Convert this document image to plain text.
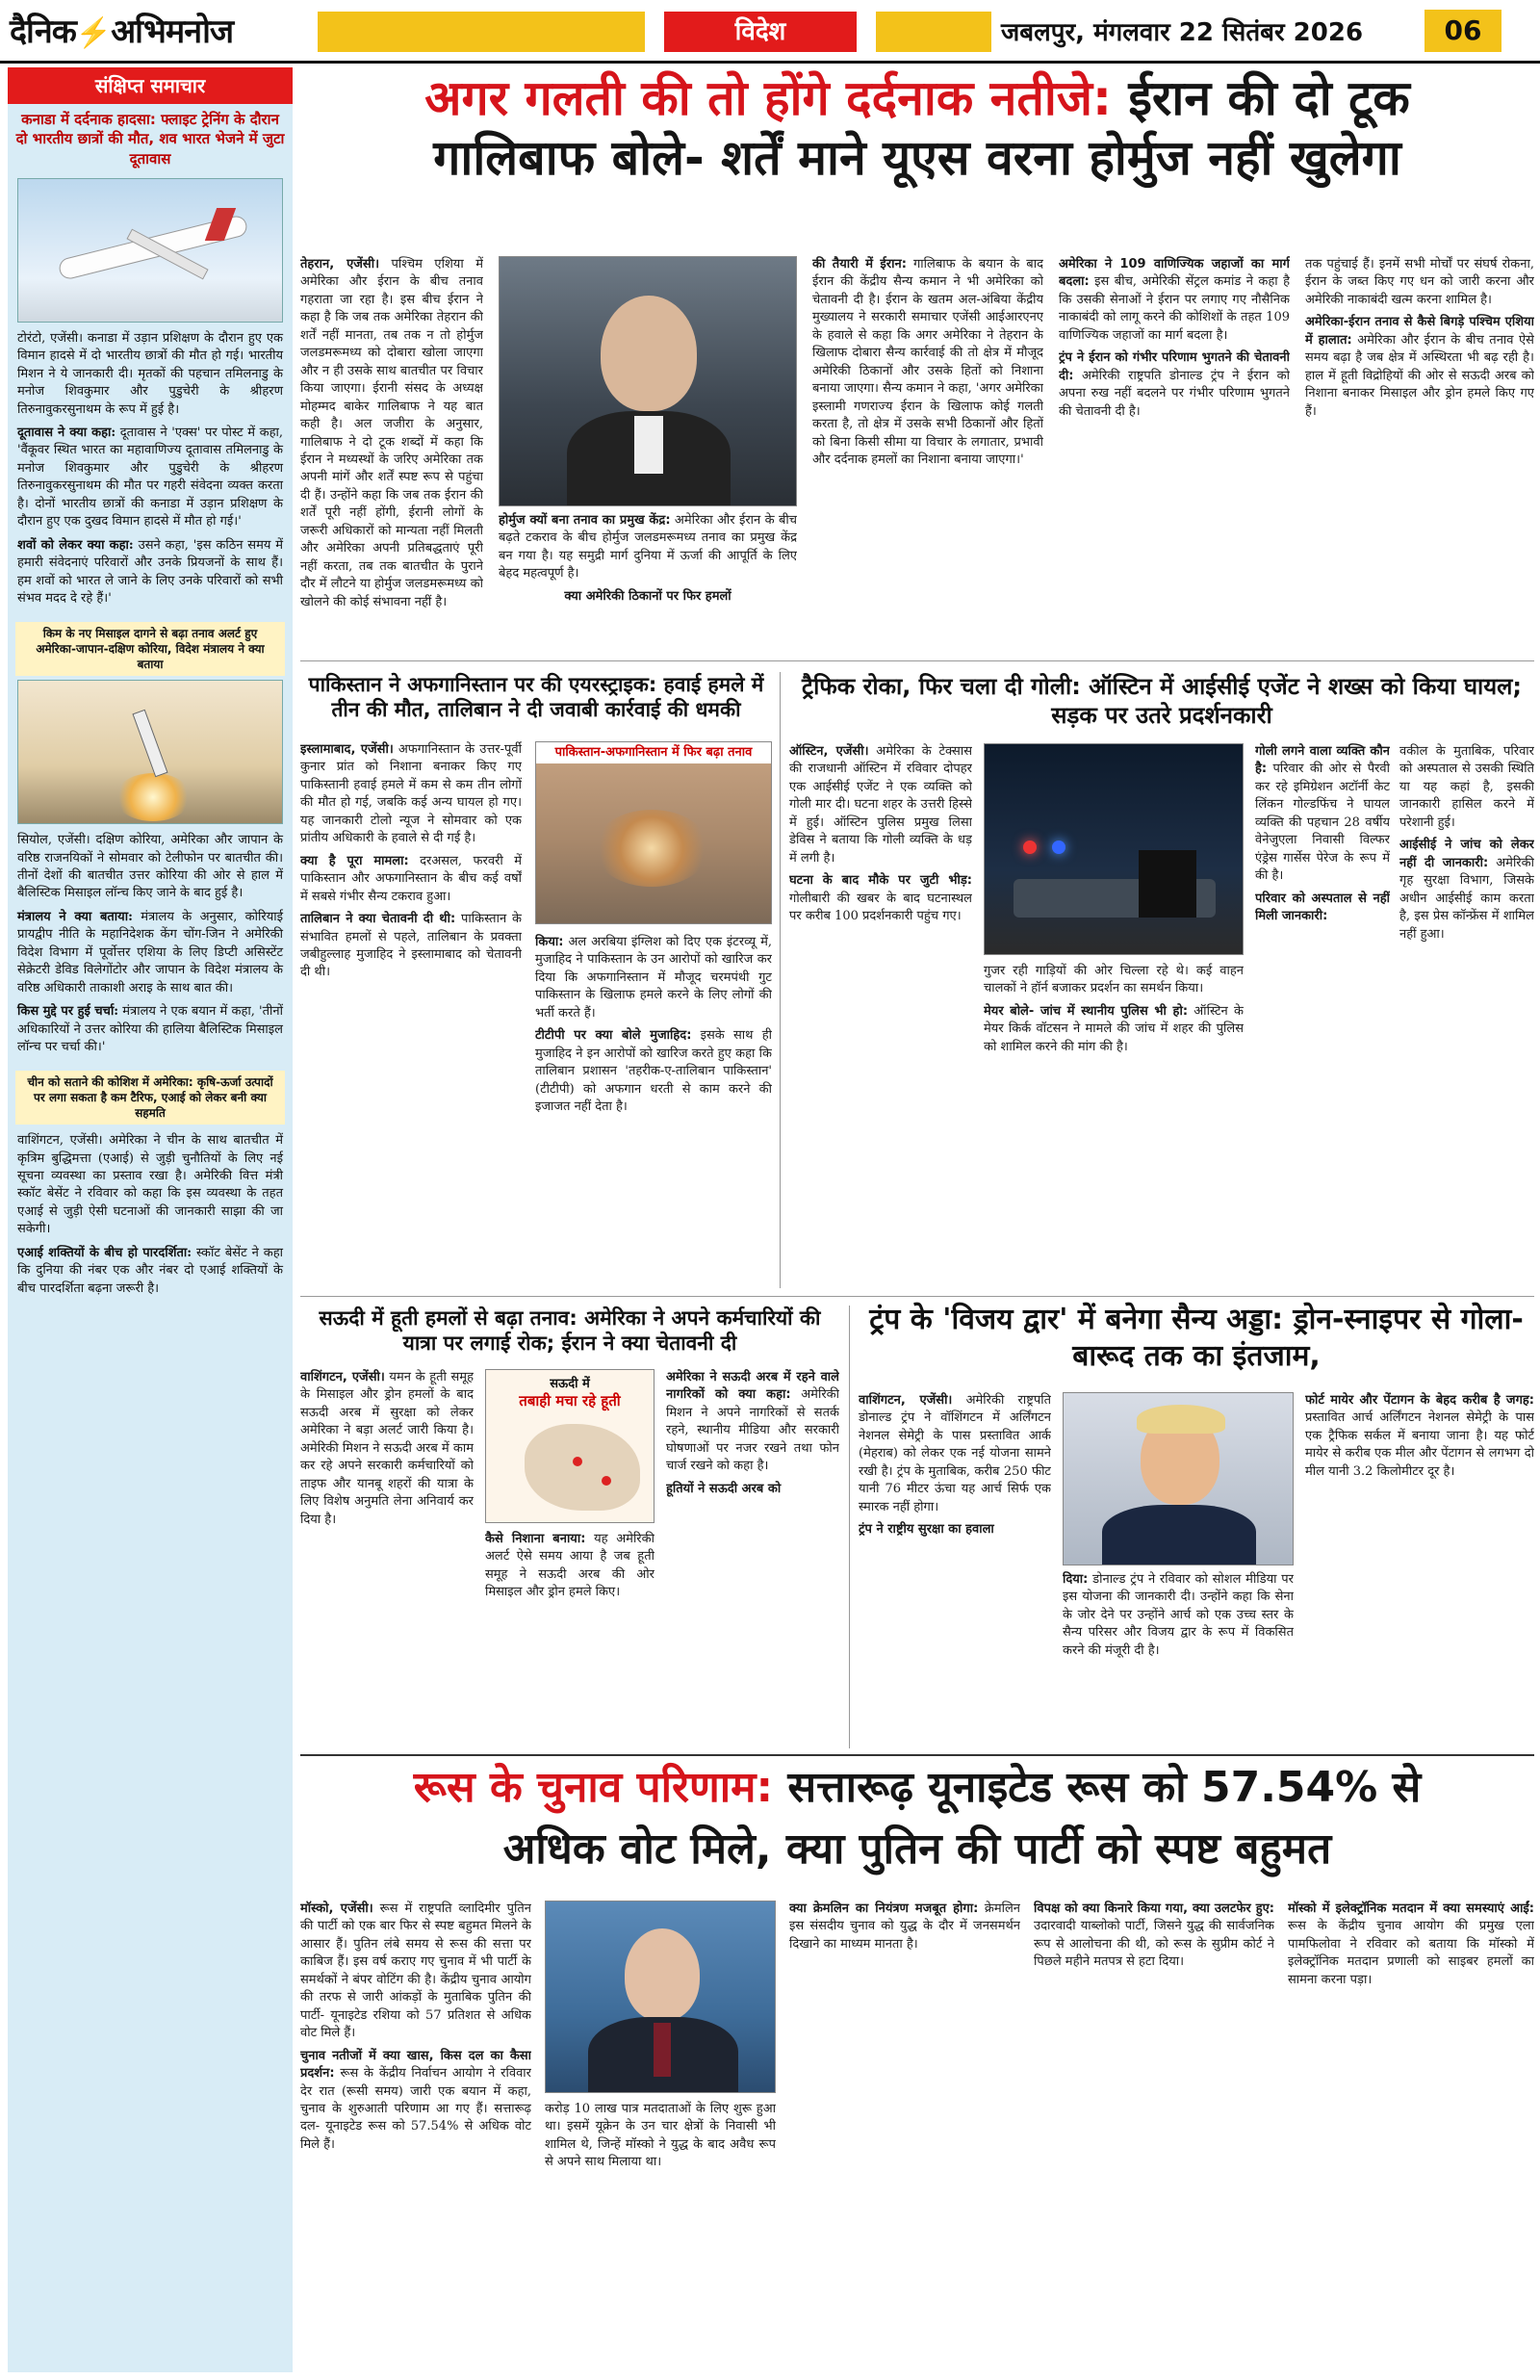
दैनिक⚡अभिमनोज	विदेश	जबलपुर, मंगलवार 22 सितंबर 2026	06
संक्षिप्त समाचार
कनाडा में दर्दनाक हादसा: फ्लाइट ट्रेनिंग के दौरान दो भारतीय छात्रों की मौत, शव भारत भेजने में जुटा दूतावास

टोरंटो, एजेंसी। कनाडा में उड़ान प्रशिक्षण के दौरान हुए एक विमान हादसे में दो भारतीय छात्रों की मौत हो गई। भारतीय मिशन ने ये जानकारी दी। मृतकों की पहचान तमिलनाडु के मनोज शिवकुमार और पुडुचेरी के श्रीहरण तिरुनावुकरसुनाथम के रूप में हुई है।

दूतावास ने क्या कहा: दूतावास ने 'एक्स' पर पोस्ट में कहा, 'वैंकूवर स्थित भारत का महावाणिज्य दूतावास तमिलनाडु के मनोज शिवकुमार और पुडुचेरी के श्रीहरण तिरुनावुकरसुनाथम की मौत पर गहरी संवेदना व्यक्त करता है। दोनों भारतीय छात्रों की कनाडा में उड़ान प्रशिक्षण के दौरान हुए एक दुखद विमान हादसे में मौत हो गई।'

शवों को लेकर क्या कहा: उसने कहा, 'इस कठिन समय में हमारी संवेदनाएं परिवारों और उनके प्रियजनों के साथ हैं। हम शवों को भारत ले जाने के लिए उनके परिवारों को सभी संभव मदद दे रहे हैं।'

किम के नए मिसाइल दागने से बढ़ा तनाव अलर्ट हुए अमेरिका-जापान-दक्षिण कोरिया, विदेश मंत्रालय ने क्या बताया

सियोल, एजेंसी। दक्षिण कोरिया, अमेरिका और जापान के वरिष्ठ राजनयिकों ने सोमवार को टेलीफोन पर बातचीत की। तीनों देशों की बातचीत उत्तर कोरिया की ओर से हाल में बैलिस्टिक मिसाइल लॉन्च किए जाने के बाद हुई है।

मंत्रालय ने क्या बताया: मंत्रालय के अनुसार, कोरियाई प्रायद्वीप नीति के महानिदेशक केंग चोंग-जिन ने अमेरिकी विदेश विभाग में पूर्वोत्तर एशिया के लिए डिप्टी असिस्टेंट सेक्रेटरी डेविड विलेगोंटोर और जापान के विदेश मंत्रालय के वरिष्ठ अधिकारी ताकाशी अराइ के साथ बात की।

किस मुद्दे पर हुई चर्चा: मंत्रालय ने एक बयान में कहा, 'तीनों अधिकारियों ने उत्तर कोरिया की हालिया बैलिस्टिक मिसाइल लॉन्च पर चर्चा की।'

चीन को सताने की कोशिश में अमेरिका: कृषि-ऊर्जा उत्पादों पर लगा सकता है कम टैरिफ, एआई को लेकर बनी क्या सहमति

वाशिंगटन, एजेंसी। अमेरिका ने चीन के साथ बातचीत में कृत्रिम बुद्धिमत्ता (एआई) से जुड़ी चुनौतियों के लिए नई सूचना व्यवस्था का प्रस्ताव रखा है। अमेरिकी वित्त मंत्री स्कॉट बेसेंट ने रविवार को कहा कि इस व्यवस्था के तहत एआई से जुड़ी ऐसी घटनाओं की जानकारी साझा की जा सकेगी।

एआई शक्तियों के बीच हो पारदर्शिता: स्कॉट बेसेंट ने कहा कि दुनिया की नंबर एक और नंबर दो एआई शक्तियों के बीच पारदर्शिता बढ़ना जरूरी है।

अगर गलती की तो होंगे दर्दनाक नतीजे: ईरान की दो टूक
गालिबाफ बोले- शर्तें माने यूएस वरना होर्मुज नहीं खुलेगा

तेहरान, एजेंसी। पश्चिम एशिया में अमेरिका और ईरान के बीच तनाव गहराता जा रहा है। इस बीच ईरान ने कहा है कि जब तक अमेरिका तेहरान की शर्तें नहीं मानता, तब तक न तो होर्मुज जलडमरूमध्य को दोबारा खोला जाएगा और न ही उसके साथ बातचीत पर विचार किया जाएगा। ईरानी संसद के अध्यक्ष मोहम्मद बाकेर गालिबाफ ने यह बात कही है। अल जजीरा के अनुसार, गालिबाफ ने दो टूक शब्दों में कहा कि ईरान ने मध्यस्थों के जरिए अमेरिका तक अपनी मांगें और शर्तें स्पष्ट रूप से पहुंचा दी हैं। उन्होंने कहा कि जब तक ईरान की शर्तें पूरी नहीं होंगी, ईरानी लोगों के जरूरी अधिकारों को मान्यता नहीं मिलती और अमेरिका अपनी प्रतिबद्धताएं पूरी नहीं करता, तब तक बातचीत के पुराने दौर में लौटने या होर्मुज जलडमरूमध्य को खोलने की कोई संभावना नहीं है।

होर्मुज क्यों बना तनाव का प्रमुख केंद्र: अमेरिका और ईरान के बीच बढ़ते टकराव के बीच होर्मुज जलडमरूमध्य तनाव का प्रमुख केंद्र बन गया है। यह समुद्री मार्ग दुनिया में ऊर्जा की आपूर्ति के लिए बेहद महत्वपूर्ण है।

क्या अमेरिकी ठिकानों पर फिर हमलों

की तैयारी में ईरान: गालिबाफ के बयान के बाद ईरान की केंद्रीय सैन्य कमान ने भी अमेरिका को चेतावनी दी है। ईरान के खतम अल-अंबिया केंद्रीय मुख्यालय ने सरकारी समाचार एजेंसी आईआरएनए के हवाले से कहा कि अगर अमेरिका ने तेहरान के खिलाफ दोबारा सैन्य कार्रवाई की तो क्षेत्र में मौजूद अमेरिकी ठिकानों और उसके हितों को निशाना बनाया जाएगा। सैन्य कमान ने कहा, 'अगर अमेरिका इस्लामी गणराज्य ईरान के खिलाफ कोई गलती करता है, तो क्षेत्र में उसके सभी ठिकानों और हितों को बिना किसी सीमा या विचार के लगातार, प्रभावी और दर्दनाक हमलों का निशाना बनाया जाएगा।'

अमेरिका ने 109 वाणिज्यिक जहाजों का मार्ग बदला: इस बीच, अमेरिकी सेंट्रल कमांड ने कहा है कि उसकी सेनाओं ने ईरान पर लगाए गए नौसैनिक नाकाबंदी को लागू करने की कोशिशों के तहत 109 वाणिज्यिक जहाजों का मार्ग बदला है।

ट्रंप ने ईरान को गंभीर परिणाम भुगतने की चेतावनी दी: अमेरिकी राष्ट्रपति डोनाल्ड ट्रंप ने ईरान को अपना रुख नहीं बदलने पर गंभीर परिणाम भुगतने की चेतावनी दी है।

तक पहुंचाई हैं। इनमें सभी मोर्चों पर संघर्ष रोकना, ईरान के जब्त किए गए धन को जारी करना और अमेरिकी नाकाबंदी खत्म करना शामिल है।

अमेरिका-ईरान तनाव से कैसे बिगड़े पश्चिम एशिया में हालात: अमेरिका और ईरान के बीच तनाव ऐसे समय बढ़ा है जब क्षेत्र में अस्थिरता भी बढ़ रही है। हाल में हूती विद्रोहियों की ओर से सऊदी अरब को निशाना बनाकर मिसाइल और ड्रोन हमले किए गए हैं।

पाकिस्तान ने अफगानिस्तान पर की एयरस्ट्राइक: हवाई हमले में तीन की मौत, तालिबान ने दी जवाबी कार्रवाई की धमकी

इस्लामाबाद, एजेंसी। अफगानिस्तान के उत्तर-पूर्वी कुनार प्रांत को निशाना बनाकर किए गए पाकिस्तानी हवाई हमले में कम से कम तीन लोगों की मौत हो गई, जबकि कई अन्य घायल हो गए। यह जानकारी टोलो न्यूज ने सोमवार को एक प्रांतीय अधिकारी के हवाले से दी गई है।

क्या है पूरा मामला: दरअसल, फरवरी में पाकिस्तान और अफगानिस्तान के बीच कई वर्षों में सबसे गंभीर सैन्य टकराव हुआ।

तालिबान ने क्या चेतावनी दी थी: पाकिस्तान के संभावित हमलों से पहले, तालिबान के प्रवक्ता जबीहुल्लाह मुजाहिद ने इस्लामाबाद को चेतावनी दी थी।

पाकिस्तान-अफगानिस्तान में फिर बढ़ा तनाव

किया: अल अरबिया इंग्लिश को दिए एक इंटरव्यू में, मुजाहिद ने पाकिस्तान के उन आरोपों को खारिज कर दिया कि अफगानिस्तान में मौजूद चरमपंथी गुट पाकिस्तान के खिलाफ हमले करने के लिए लोगों की भर्ती करते हैं।

टीटीपी पर क्या बोले मुजाहिद: इसके साथ ही मुजाहिद ने इन आरोपों को खारिज करते हुए कहा कि तालिबान प्रशासन 'तहरीक-ए-तालिबान पाकिस्तान' (टीटीपी) को अफगान धरती से काम करने की इजाजत नहीं देता है।

ट्रैफिक रोका, फिर चला दी गोली: ऑस्टिन में आईसीई एजेंट ने शख्स को किया घायल; सड़क पर उतरे प्रदर्शनकारी

ऑस्टिन, एजेंसी। अमेरिका के टेक्सास की राजधानी ऑस्टिन में रविवार दोपहर एक आईसीई एजेंट ने एक व्यक्ति को गोली मार दी। घटना शहर के उत्तरी हिस्से में हुई। ऑस्टिन पुलिस प्रमुख लिसा डेविस ने बताया कि गोली व्यक्ति के धड़ में लगी है।

घटना के बाद मौके पर जुटी भीड़: गोलीबारी की खबर के बाद घटनास्थल पर करीब 100 प्रदर्शनकारी पहुंच गए।

गुजर रही गाड़ियों की ओर चिल्ला रहे थे। कई वाहन चालकों ने हॉर्न बजाकर प्रदर्शन का समर्थन किया।

मेयर बोले- जांच में स्थानीय पुलिस भी हो: ऑस्टिन के मेयर किर्क वॉटसन ने मामले की जांच में शहर की पुलिस को शामिल करने की मांग की है।

गोली लगने वाला व्यक्ति कौन है: परिवार की ओर से पैरवी कर रहे इमिग्रेशन अटॉर्नी केट लिंकन गोल्डफिंच ने घायल व्यक्ति की पहचान 28 वर्षीय वेनेजुएला निवासी विल्फर एंड्रेस गार्सेस पेरेज के रूप में की है।

परिवार को अस्पताल से नहीं मिली जानकारी:

वकील के मुताबिक, परिवार को अस्पताल से उसकी स्थिति या यह कहां है, इसकी जानकारी हासिल करने में परेशानी हुई।

आईसीई ने जांच को लेकर नहीं दी जानकारी: अमेरिकी गृह सुरक्षा विभाग, जिसके अधीन आईसीई काम करता है, इस प्रेस कॉन्फ्रेंस में शामिल नहीं हुआ।

सऊदी में हूती हमलों से बढ़ा तनाव: अमेरिका ने अपने कर्मचारियों की यात्रा पर लगाई रोक; ईरान ने क्या चेतावनी दी

वाशिंगटन, एजेंसी। यमन के हूती समूह के मिसाइल और ड्रोन हमलों के बाद सऊदी अरब में सुरक्षा को लेकर अमेरिका ने बड़ा अलर्ट जारी किया है। अमेरिकी मिशन ने सऊदी अरब में काम कर रहे अपने सरकारी कर्मचारियों को ताइफ और यानबू शहरों की यात्रा के लिए विशेष अनुमति लेना अनिवार्य कर दिया है।

सऊदी में
तबाही मचा रहे हूती

कैसे निशाना बनाया: यह अमेरिकी अलर्ट ऐसे समय आया है जब हूती समूह ने सऊदी अरब की ओर मिसाइल और ड्रोन हमले किए।

अमेरिका ने सऊदी अरब में रहने वाले नागरिकों को क्या कहा: अमेरिकी मिशन ने अपने नागरिकों से सतर्क रहने, स्थानीय मीडिया और सरकारी घोषणाओं पर नजर रखने तथा फोन चार्ज रखने को कहा है।

हूतियों ने सऊदी अरब को

ट्रंप के 'विजय द्वार' में बनेगा सैन्य अड्डा: ड्रोन-स्नाइपर से गोला-बारूद तक का इंतजाम,

वाशिंगटन, एजेंसी। अमेरिकी राष्ट्रपति डोनाल्ड ट्रंप ने वॉशिंगटन में अर्लिंगटन नेशनल सेमेट्री के पास प्रस्तावित आर्क (मेहराब) को लेकर एक नई योजना सामने रखी है। ट्रंप के मुताबिक, करीब 250 फीट यानी 76 मीटर ऊंचा यह आर्च सिर्फ एक स्मारक नहीं होगा।

ट्रंप ने राष्ट्रीय सुरक्षा का हवाला

दिया: डोनाल्ड ट्रंप ने रविवार को सोशल मीडिया पर इस योजना की जानकारी दी। उन्होंने कहा कि सेना के जोर देने पर उन्होंने आर्च को एक उच्च स्तर के सैन्य परिसर और विजय द्वार के रूप में विकसित करने की मंजूरी दी है।

फोर्ट मायेर और पेंटागन के बेहद करीब है जगह: प्रस्तावित आर्च अर्लिंगटन नेशनल सेमेट्री के पास एक ट्रैफिक सर्कल में बनाया जाना है। यह फोर्ट मायेर से करीब एक मील और पेंटागन से लगभग दो मील यानी 3.2 किलोमीटर दूर है।

रूस के चुनाव परिणाम: सत्तारूढ़ यूनाइटेड रूस को 57.54% से
अधिक वोट मिले, क्या पुतिन की पार्टी को स्पष्ट बहुमत

मॉस्को, एजेंसी। रूस में राष्ट्रपति व्लादिमीर पुतिन की पार्टी को एक बार फिर से स्पष्ट बहुमत मिलने के आसार हैं। पुतिन लंबे समय से रूस की सत्ता पर काबिज हैं। इस वर्ष कराए गए चुनाव में भी पार्टी के समर्थकों ने बंपर वोटिंग की है। केंद्रीय चुनाव आयोग की तरफ से जारी आंकड़ों के मुताबिक पुतिन की पार्टी- यूनाइटेड रशिया को 57 प्रतिशत से अधिक वोट मिले हैं।

चुनाव नतीजों में क्या खास, किस दल का कैसा प्रदर्शन: रूस के केंद्रीय निर्वाचन आयोग ने रविवार देर रात (रूसी समय) जारी एक बयान में कहा, चुनाव के शुरुआती परिणाम आ गए हैं। सत्तारूढ़ दल- यूनाइटेड रूस को 57.54% से अधिक वोट मिले हैं।

करोड़ 10 लाख पात्र मतदाताओं के लिए शुरू हुआ था। इसमें यूक्रेन के उन चार क्षेत्रों के निवासी भी शामिल थे, जिन्हें मॉस्को ने युद्ध के बाद अवैध रूप से अपने साथ मिलाया था।

क्या क्रेमलिन का नियंत्रण मजबूत होगा: क्रेमलिन इस संसदीय चुनाव को युद्ध के दौर में जनसमर्थन दिखाने का माध्यम मानता है।

विपक्ष को क्या किनारे किया गया, क्या उलटफेर हुए: उदारवादी याब्लोको पार्टी, जिसने युद्ध की सार्वजनिक रूप से आलोचना की थी, को रूस के सुप्रीम कोर्ट ने पिछले महीने मतपत्र से हटा दिया।

मॉस्को में इलेक्ट्रॉनिक मतदान में क्या समस्याएं आईं: रूस के केंद्रीय चुनाव आयोग की प्रमुख एला पामफिलोवा ने रविवार को बताया कि मॉस्को में इलेक्ट्रॉनिक मतदान प्रणाली को साइबर हमलों का सामना करना पड़ा।
